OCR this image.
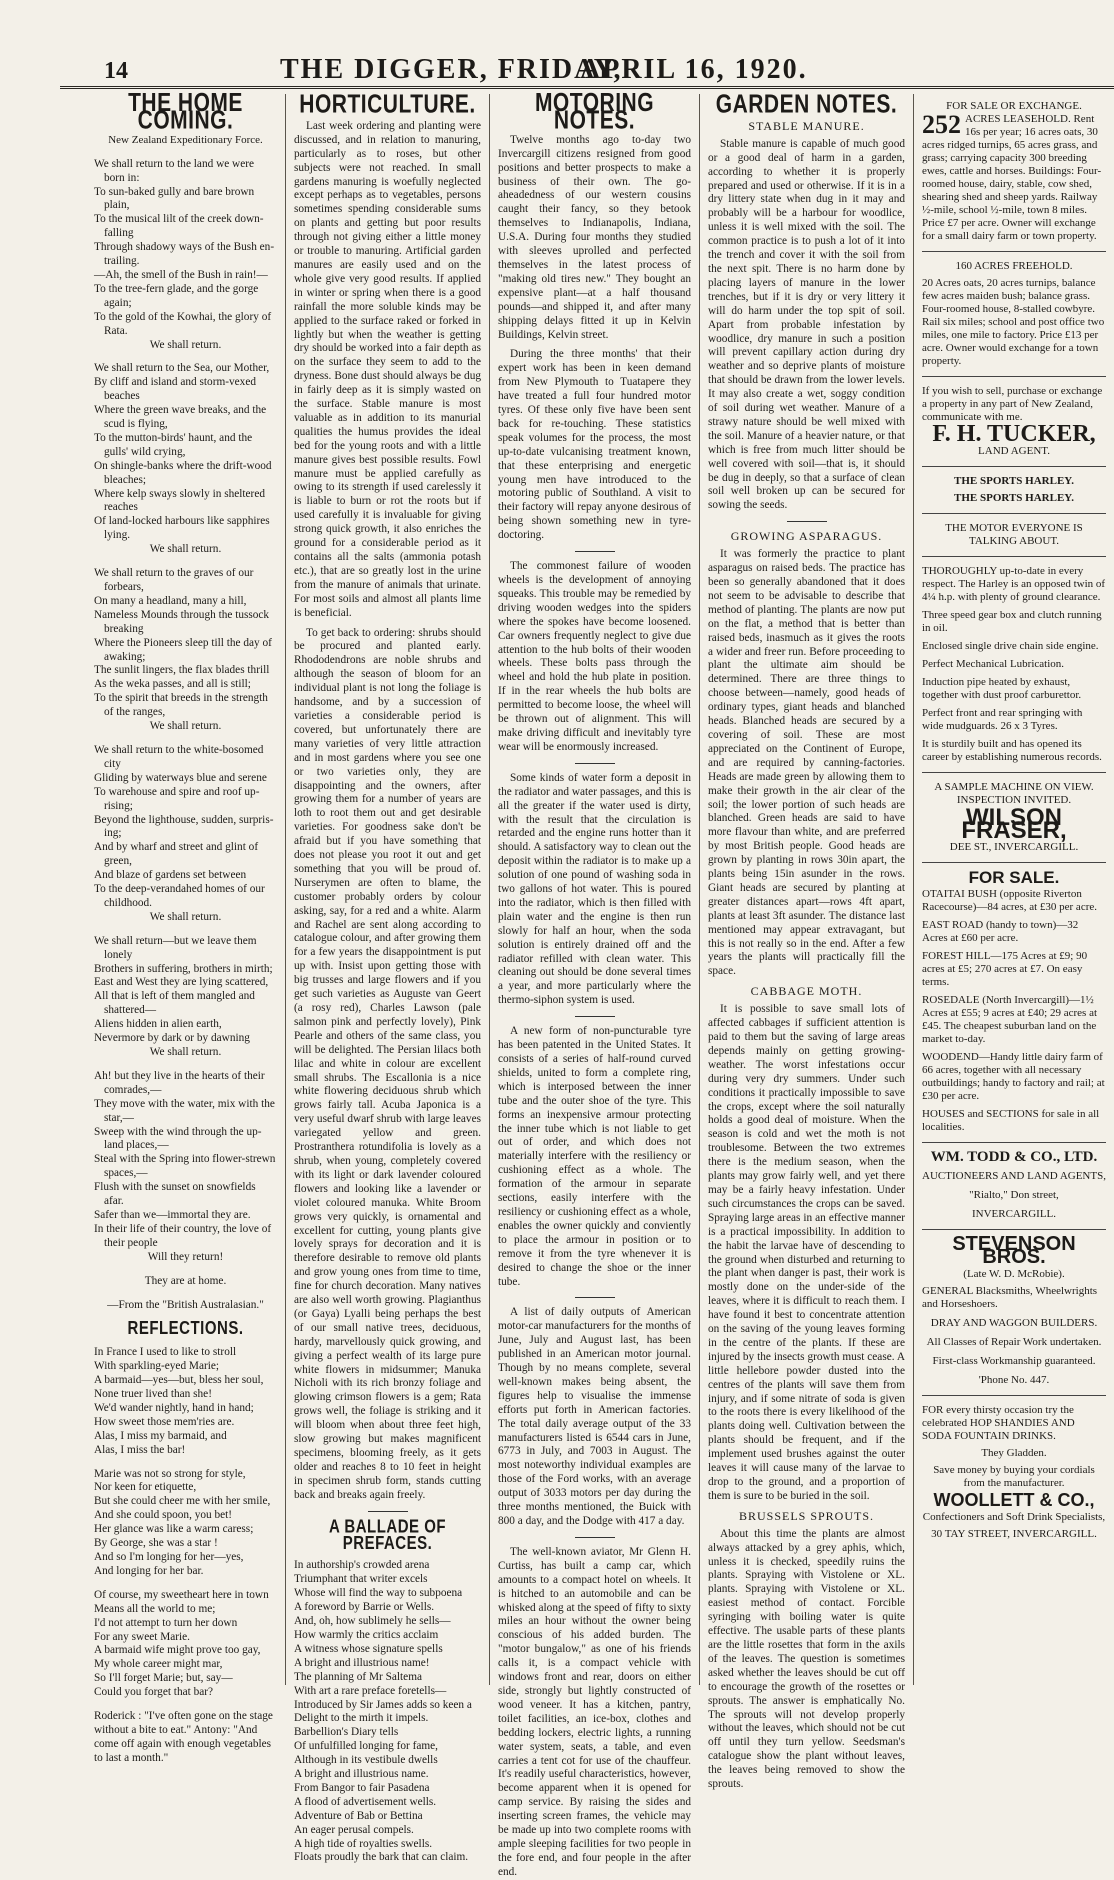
14	THE DIGGER, FRIDAY,
APRIL 16, 1920.
THE HOME COMING.

New Zealand Expeditionary Force.

We shall return to the land we were born in:

To sun-baked gully and bare brown plain,

To the musical lilt of the creek down-falling

Through shadowy ways of the Bush en-trailing.

—Ah, the smell of the Bush in rain!—

To the tree-fern glade, and the gorge again;

To the gold of the Kowhai, the glory of Rata.

We shall return.

We shall return to the Sea, our Mother,

By cliff and island and storm-vexed beaches

Where the green wave breaks, and the scud is flying,

To the mutton-birds' haunt, and the gulls' wild crying,

On shingle-banks where the drift-wood bleaches;

Where kelp sways slowly in sheltered reaches

Of land-locked harbours like sapphires lying.

We shall return.

We shall return to the graves of our forbears,

On many a headland, many a hill,

Nameless Mounds through the tussock breaking

Where the Pioneers sleep till the day of awaking;

The sunlit lingers, the flax blades thrill

As the weka passes, and all is still;

To the spirit that breeds in the strength of the ranges,

We shall return.

We shall return to the white-bosomed city

Gliding by waterways blue and serene

To warehouse and spire and roof up-rising;

Beyond the lighthouse, sudden, surpris-ing;

And by wharf and street and glint of green,

And blaze of gardens set between

To the deep-verandahed homes of our childhood.

We shall return.

We shall return—but we leave them lonely

Brothers in suffering, brothers in mirth;

East and West they are lying scattered,

All that is left of them mangled and shattered—

Aliens hidden in alien earth,

Nevermore by dark or by dawning

We shall return.

Ah! but they live in the hearts of their comrades,—

They move with the water, mix with the star,—

Sweep with the wind through the up-land places,—

Steal with the Spring into flower-strewn spaces,—

Flush with the sunset on snowfields afar.

Safer than we—immortal they are.

In their life of their country, the love of their people

Will they return!

They are at home.

—From the "British Australasian."

REFLECTIONS.

In France I used to like to stroll

With sparkling-eyed Marie;

A barmaid—yes—but, bless her soul,

None truer lived than she!

We'd wander nightly, hand in hand;

How sweet those mem'ries are.

Alas, I miss my barmaid, and

Alas, I miss the bar!

Marie was not so strong for style,

Nor keen for etiquette,

But she could cheer me with her smile,

And she could spoon, you bet!

Her glance was like a warm caress;

By George, she was a star !

And so I'm longing for her—yes,

And longing for her bar.

Of course, my sweetheart here in town

Means all the world to me;

I'd not attempt to turn her down

For any sweet Marie.

A barmaid wife might prove too gay,

My whole career might mar,

So I'll forget Marie; but, say—

Could you forget that bar?

Roderick : "I've often gone on the stage without a bite to eat." Antony: "And come off again with enough vegetables to last a month."

HORTICULTURE.

Last week ordering and planting were discussed, and in relation to manuring, particularly as to roses, but other subjects were not reached. In small gardens manuring is woefully neglected except perhaps as to vegetables, persons sometimes spending considerable sums on plants and getting but poor results through not giving either a little money or trouble to manuring. Artificial garden manures are easily used and on the whole give very good results. If applied in winter or spring when there is a good rainfall the more soluble kinds may be applied to the surface raked or forked in lightly but when the weather is getting dry should be worked into a fair depth as on the surface they seem to add to the dryness. Bone dust should always be dug in fairly deep as it is simply wasted on the surface. Stable manure is most valuable as in addition to its manurial qualities the humus provides the ideal bed for the young roots and with a little manure gives best possible results. Fowl manure must be applied carefully as owing to its strength if used carelessly it is liable to burn or rot the roots but if used carefully it is invaluable for giving strong quick growth, it also enriches the ground for a considerable period as it contains all the salts (ammonia potash etc.), that are so greatly lost in the urine from the manure of animals that urinate. For most soils and almost all plants lime is beneficial.

To get back to ordering: shrubs should be procured and planted early. Rhododendrons are noble shrubs and although the season of bloom for an individual plant is not long the foliage is handsome, and by a succession of varieties a considerable period is covered, but unfortunately there are many varieties of very little attraction and in most gardens where you see one or two varieties only, they are disappointing and the owners, after growing them for a number of years are loth to root them out and get desirable varieties. For goodness sake don't be afraid but if you have something that does not please you root it out and get something that you will be proud of. Nurserymen are often to blame, the customer probably orders by colour asking, say, for a red and a white. Alarm and Rachel are sent along according to catalogue colour, and after growing them for a few years the disappointment is put up with. Insist upon getting those with big trusses and large flowers and if you get such varieties as Auguste van Geert (a rosy red), Charles Lawson (pale salmon pink and perfectly lovely), Pink Pearle and others of the same class, you will be delighted. The Persian lilacs both lilac and white in colour are excellent small shrubs. The Escallonia is a nice white flowering deciduous shrub which grows fairly tall. Acuba Japonica is a very useful dwarf shrub with large leaves variegated yellow and green. Prostranthera rotundifolia is lovely as a shrub, when young, completely covered with its light or dark lavender coloured flowers and looking like a lavender or violet coloured manuka. White Broom grows very quickly, is ornamental and excellent for cutting, young plants give lovely sprays for decoration and it is therefore desirable to remove old plants and grow young ones from time to time, fine for church decoration. Many natives are also well worth growing. Plagianthus (or Gaya) Lyalli being perhaps the best of our small native trees, deciduous, hardy, marvellously quick growing, and giving a perfect wealth of its large pure white flowers in midsummer; Manuka Nicholi with its rich bronzy foliage and glowing crimson flowers is a gem; Rata grows well, the foliage is striking and it will bloom when about three feet high, slow growing but makes magnificent specimens, blooming freely, as it gets older and reaches 8 to 10 feet in height in specimen shrub form, stands cutting back and breaks again freely.

A BALLADE OF PREFACES.

In authorship's crowded arena

Triumphant that writer excels

Whose will find the way to subpoena

A foreword by Barrie or Wells.

And, oh, how sublimely he sells—

How warmly the critics acclaim

A witness whose signature spells

A bright and illustrious name!

The planning of Mr Saltema

With art a rare preface foretells—

Introduced by Sir James adds so keen a

Delight to the mirth it impels.

Barbellion's Diary tells

Of unfulfilled longing for fame,

Although in its vestibule dwells

A bright and illustrious name.

From Bangor to fair Pasadena

A flood of advertisement wells.

Adventure of Bab or Bettina

An eager perusal compels.

A high tide of royalties swells.

Floats proudly the bark that can claim.

MOTORING NOTES.

Twelve months ago to-day two Invercargill citizens resigned from good positions and better prospects to make a business of their own. The go-aheadedness of our western cousins caught their fancy, so they betook themselves to Indianapolis, Indiana, U.S.A. During four months they studied with sleeves uprolled and perfected themselves in the latest process of "making old tires new." They bought an expensive plant—at a half thousand pounds—and shipped it, and after many shipping delays fitted it up in Kelvin Buildings, Kelvin street.

During the three months' that their expert work has been in keen demand from New Plymouth to Tuatapere they have treated a full four hundred motor tyres. Of these only five have been sent back for re-touching. These statistics speak volumes for the process, the most up-to-date vulcanising treatment known, that these enterprising and energetic young men have introduced to the motoring public of Southland. A visit to their factory will repay anyone desirous of being shown something new in tyre-doctoring.

The commonest failure of wooden wheels is the development of annoying squeaks. This trouble may be remedied by driving wooden wedges into the spiders where the spokes have become loosened. Car owners frequently neglect to give due attention to the hub bolts of their wooden wheels. These bolts pass through the wheel and hold the hub plate in position. If in the rear wheels the hub bolts are permitted to become loose, the wheel will be thrown out of alignment. This will make driving difficult and inevitably tyre wear will be enormously increased.

Some kinds of water form a deposit in the radiator and water passages, and this is all the greater if the water used is dirty, with the result that the circulation is retarded and the engine runs hotter than it should. A satisfactory way to clean out the deposit within the radiator is to make up a solution of one pound of washing soda in two gallons of hot water. This is poured into the radiator, which is then filled with plain water and the engine is then run slowly for half an hour, when the soda solution is entirely drained off and the radiator refilled with clean water. This cleaning out should be done several times a year, and more particularly where the thermo-siphon system is used.

A new form of non-puncturable tyre has been patented in the United States. It consists of a series of half-round curved shields, united to form a complete ring, which is interposed between the inner tube and the outer shoe of the tyre. This forms an inexpensive armour protecting the inner tube which is not liable to get out of order, and which does not materially interfere with the resiliency or cushioning effect as a whole. The formation of the armour in separate sections, easily interfere with the resiliency or cushioning effect as a whole, enables the owner quickly and conviently to place the armour in position or to remove it from the tyre whenever it is desired to change the shoe or the inner tube.

A list of daily outputs of American motor-car manufacturers for the months of June, July and August last, has been published in an American motor journal. Though by no means complete, several well-known makes being absent, the figures help to visualise the immense efforts put forth in American factories. The total daily average output of the 33 manufacturers listed is 6544 cars in June, 6773 in July, and 7003 in August. The most noteworthy individual examples are those of the Ford works, with an average output of 3033 motors per day during the three months mentioned, the Buick with 800 a day, and the Dodge with 417 a day.

The well-known aviator, Mr Glenn H. Curtiss, has built a camp car, which amounts to a compact hotel on wheels. It is hitched to an automobile and can be whisked along at the speed of fifty to sixty miles an hour without the owner being conscious of his added burden. The "motor bungalow," as one of his friends calls it, is a compact vehicle with windows front and rear, doors on either side, strongly but lightly constructed of wood veneer. It has a kitchen, pantry, toilet facilities, an ice-box, clothes and bedding lockers, electric lights, a running water system, seats, a table, and even carries a tent cot for use of the chauffeur. It's readily useful characteristics, however, become apparent when it is opened for camp service. By raising the sides and inserting screen frames, the vehicle may be made up into two complete rooms with ample sleeping facilities for two people in the fore end, and four people in the after end.

GARDEN NOTES.
STABLE MANURE.

Stable manure is capable of much good or a good deal of harm in a garden, according to whether it is properly prepared and used or otherwise. If it is in a dry littery state when dug in it may and probably will be a harbour for woodlice, unless it is well mixed with the soil. The common practice is to push a lot of it into the trench and cover it with the soil from the next spit. There is no harm done by placing layers of manure in the lower trenches, but if it is dry or very littery it will do harm under the top spit of soil. Apart from probable infestation by woodlice, dry manure in such a position will prevent capillary action during dry weather and so deprive plants of moisture that should be drawn from the lower levels. It may also create a wet, soggy condition of soil during wet weather. Manure of a strawy nature should be well mixed with the soil. Manure of a heavier nature, or that which is free from much litter should be well covered with soil—that is, it should be dug in deeply, so that a surface of clean soil well broken up can be secured for sowing the seeds.

GROWING ASPARAGUS.

It was formerly the practice to plant asparagus on raised beds. The practice has been so generally abandoned that it does not seem to be advisable to describe that method of planting. The plants are now put on the flat, a method that is better than raised beds, inasmuch as it gives the roots a wider and freer run. Before proceeding to plant the ultimate aim should be determined. There are three things to choose between—namely, good heads of ordinary types, giant heads and blanched heads. Blanched heads are secured by a covering of soil. These are most appreciated on the Continent of Europe, and are required by canning-factories. Heads are made green by allowing them to make their growth in the air clear of the soil; the lower portion of such heads are blanched. Green heads are said to have more flavour than white, and are preferred by most British people. Good heads are grown by planting in rows 30in apart, the plants being 15in asunder in the rows. Giant heads are secured by planting at greater distances apart—rows 4ft apart, plants at least 3ft asunder. The distance last mentioned may appear extravagant, but this is not really so in the end. After a few years the plants will practically fill the space.

CABBAGE MOTH.

It is possible to save small lots of affected cabbages if sufficient attention is paid to them but the saving of large areas depends mainly on getting growing-weather. The worst infestations occur during very dry summers. Under such conditions it practically impossible to save the crops, except where the soil naturally holds a good deal of moisture. When the season is cold and wet the moth is not troublesome. Between the two extremes there is the medium season, when the plants may grow fairly well, and yet there may be a fairly heavy infestation. Under such circumstances the crops can be saved. Spraying large areas in an effective manner is a practical impossibility. In addition to the habit the larvae have of descending to the ground when disturbed and returning to the plant when danger is past, their work is mostly done on the under-side of the leaves, where it is difficult to reach them. I have found it best to concentrate attention on the saving of the young leaves forming in the centre of the plants. If these are injured by the insects growth must cease. A little hellebore powder dusted into the centres of the plants will save them from injury, and if some nitrate of soda is given to the roots there is every likelihood of the plants doing well. Cultivation between the plants should be frequent, and if the implement used brushes against the outer leaves it will cause many of the larvae to drop to the ground, and a proportion of them is sure to be buried in the soil.

BRUSSELS SPROUTS.

About this time the plants are almost always attacked by a grey aphis, which, unless it is checked, speedily ruins the plants. Spraying with Vistolene or XL. plants. Spraying with Vistolene or XL. easiest method of contact. Forcible syringing with boiling water is quite effective. The usable parts of these plants are the little rosettes that form in the axils of the leaves. The question is sometimes asked whether the leaves should be cut off to encourage the growth of the rosettes or sprouts. The answer is emphatically No. The sprouts will not develop properly without the leaves, which should not be cut off until they turn yellow. Seedsman's catalogue show the plant without leaves, the leaves being removed to show the sprouts.

FOR SALE OR EXCHANGE.
252 ACRES LEASEHOLD. Rent 16s per year; 16 acres oats, 30 acres ridged turnips, 65 acres grass, and grass; carrying capacity 300 breeding ewes, cattle and horses. Buildings: Four-roomed house, dairy, stable, cow shed, shearing shed and sheep yards. Railway ½-mile, school ½-mile, town 8 miles. Price £7 per acre. Owner will exchange for a small dairy farm or town property.
160 ACRES FREEHOLD.
20 Acres oats, 20 acres turnips, balance few acres maiden bush; balance grass. Four-roomed house, 8-stalled cowbyre. Rail six miles; school and post office two miles, one mile to factory. Price £13 per acre. Owner would exchange for a town property.
If you wish to sell, purchase or exchange a property in any part of New Zealand, communicate with me.
F. H. TUCKER,
LAND AGENT.
THE SPORTS HARLEY.
THE SPORTS HARLEY.
THE MOTOR EVERYONE IS TALKING ABOUT.

THOROUGHLY up-to-date in every respect. The Harley is an opposed twin of 4¼ h.p. with plenty of ground clearance.

Three speed gear box and clutch running in oil.

Enclosed single drive chain side engine.

Perfect Mechanical Lubrication.

Induction pipe heated by exhaust, together with dust proof carburettor.

Perfect front and rear springing with wide mudguards. 26 x 3 Tyres.

It is sturdily built and has opened its career by establishing numerous records.

A SAMPLE MACHINE ON VIEW. INSPECTION INVITED.
WILSON FRASER,
DEE ST., INVERCARGILL.
FOR SALE.

OTAITAI BUSH (opposite Riverton Racecourse)—84 acres, at £30 per acre.

EAST ROAD (handy to town)—32 Acres at £60 per acre.

FOREST HILL—175 Acres at £9; 90 acres at £5; 270 acres at £7. On easy terms.

ROSEDALE (North Invercargill)—1½ Acres at £55; 9 acres at £40; 29 acres at £45. The cheapest suburban land on the market to-day.

WOODEND—Handy little dairy farm of 66 acres, together with all necessary outbuildings; handy to factory and rail; at £30 per acre.

HOUSES and SECTIONS for sale in all localities.

WM. TODD & CO., LTD.
AUCTIONEERS AND LAND AGENTS,
"Rialto," Don street,
INVERCARGILL.
STEVENSON BROS.
(Late W. D. McRobie).
GENERAL Blacksmiths, Wheelwrights and Horseshoers.
DRAY AND WAGGON BUILDERS.
All Classes of Repair Work undertaken.
First-class Workmanship guaranteed.
'Phone No. 447.
FOR every thirsty occasion try the celebrated HOP SHANDIES AND SODA FOUNTAIN DRINKS.
They Gladden.
Save money by buying your cordials from the manufacturer.
WOOLLETT & CO.,
Confectioners and Soft Drink Specialists,
30 TAY STREET, INVERCARGILL.
